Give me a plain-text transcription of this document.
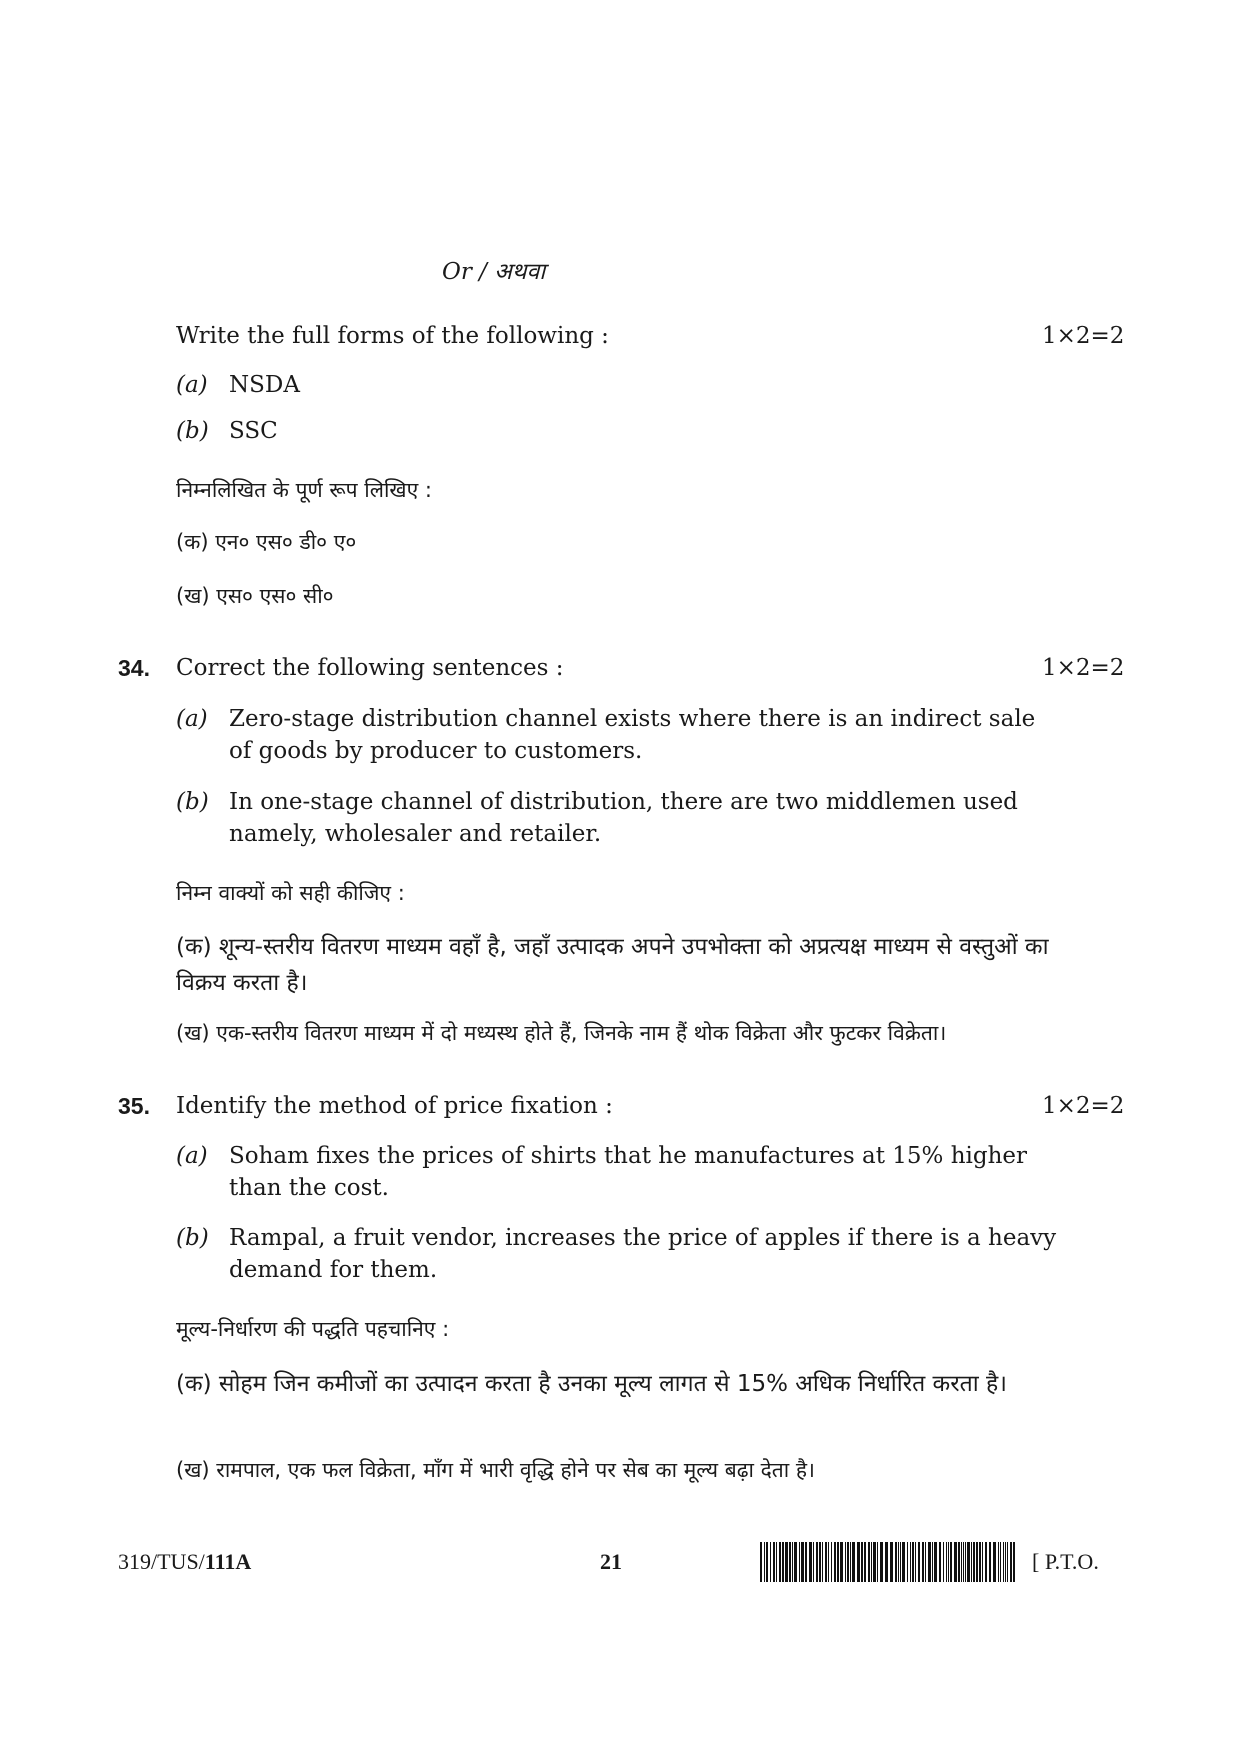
Or / अथवा
Write the full forms of the following :	1×2=2
(a) NSDA
(b) SSC
निम्नलिखित के पूर्ण रूप लिखिए :
(क) एन० एस० डी० ए०
(ख) एस० एस० सी०
34. Correct the following sentences :	1×2=2
(a) Zero-stage distribution channel exists where there is an indirect sale of goods by producer to customers.
(b) In one-stage channel of distribution, there are two middlemen used namely, wholesaler and retailer.
निम्न वाक्यों को सही कीजिए :
(क) शून्य-स्तरीय वितरण माध्यम वहाँ है, जहाँ उत्पादक अपने उपभोक्ता को अप्रत्यक्ष माध्यम से वस्तुओं का विक्रय करता है।
(ख) एक-स्तरीय वितरण माध्यम में दो मध्यस्थ होते हैं, जिनके नाम हैं थोक विक्रेता और फुटकर विक्रेता।
35. Identify the method of price fixation :	1×2=2
(a) Soham fixes the prices of shirts that he manufactures at 15% higher than the cost.
(b) Rampal, a fruit vendor, increases the price of apples if there is a heavy demand for them.
मूल्य-निर्धारण की पद्धति पहचानिए :
(क) सोहम जिन कमीजों का उत्पादन करता है उनका मूल्य लागत से 15% अधिक निर्धारित करता है।
(ख) रामपाल, एक फल विक्रेता, माँग में भारी वृद्धि होने पर सेब का मूल्य बढ़ा देता है।
319/TUS/111A	21	[ P.T.O.
